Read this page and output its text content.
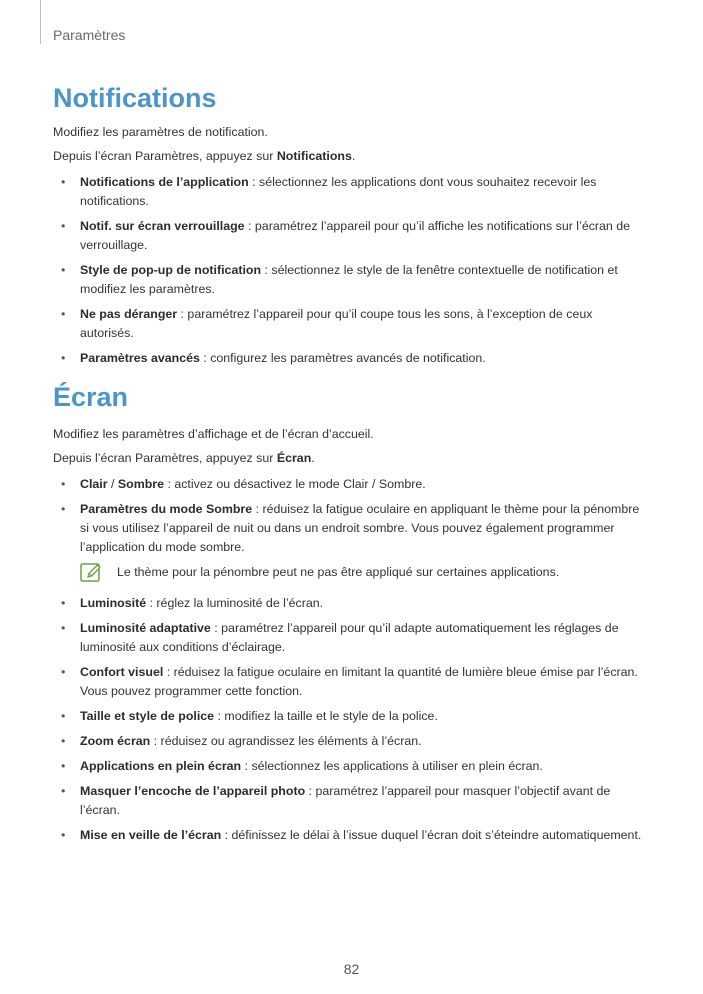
Paramètres
Notifications

Modifiez les paramètres de notification.

Depuis l’écran Paramètres, appuyez sur Notifications.

• Notifications de l’application : sélectionnez les applications dont vous souhaitez recevoir les notifications.
• Notif. sur écran verrouillage : paramétrez l’appareil pour qu’il affiche les notifications sur l’écran de verrouillage.
• Style de pop-up de notification : sélectionnez le style de la fenêtre contextuelle de notification et modifiez les paramètres.
• Ne pas déranger : paramétrez l’appareil pour qu’il coupe tous les sons, à l’exception de ceux autorisés.
• Paramètres avancés : configurez les paramètres avancés de notification.
Écran

Modifiez les paramètres d’affichage et de l’écran d’accueil.

Depuis l’écran Paramètres, appuyez sur Écran.

• Clair / Sombre : activez ou désactivez le mode Clair / Sombre.
• Paramètres du mode Sombre : réduisez la fatigue oculaire en appliquant le thème pour la pénombre si vous utilisez l’appareil de nuit ou dans un endroit sombre. Vous pouvez également programmer l’application du mode sombre.
Le thème pour la pénombre peut ne pas être appliqué sur certaines applications.
• Luminosité : réglez la luminosité de l’écran.
• Luminosité adaptative : paramétrez l’appareil pour qu’il adapte automatiquement les réglages de luminosité aux conditions d’éclairage.
• Confort visuel : réduisez la fatigue oculaire en limitant la quantité de lumière bleue émise par l’écran. Vous pouvez programmer cette fonction.
• Taille et style de police : modifiez la taille et le style de la police.
• Zoom écran : réduisez ou agrandissez les éléments à l’écran.
• Applications en plein écran : sélectionnez les applications à utiliser en plein écran.
• Masquer l’encoche de l’appareil photo : paramétrez l’appareil pour masquer l’objectif avant de l’écran.
• Mise en veille de l’écran : définissez le délai à l’issue duquel l’écran doit s’éteindre automatiquement.
82
